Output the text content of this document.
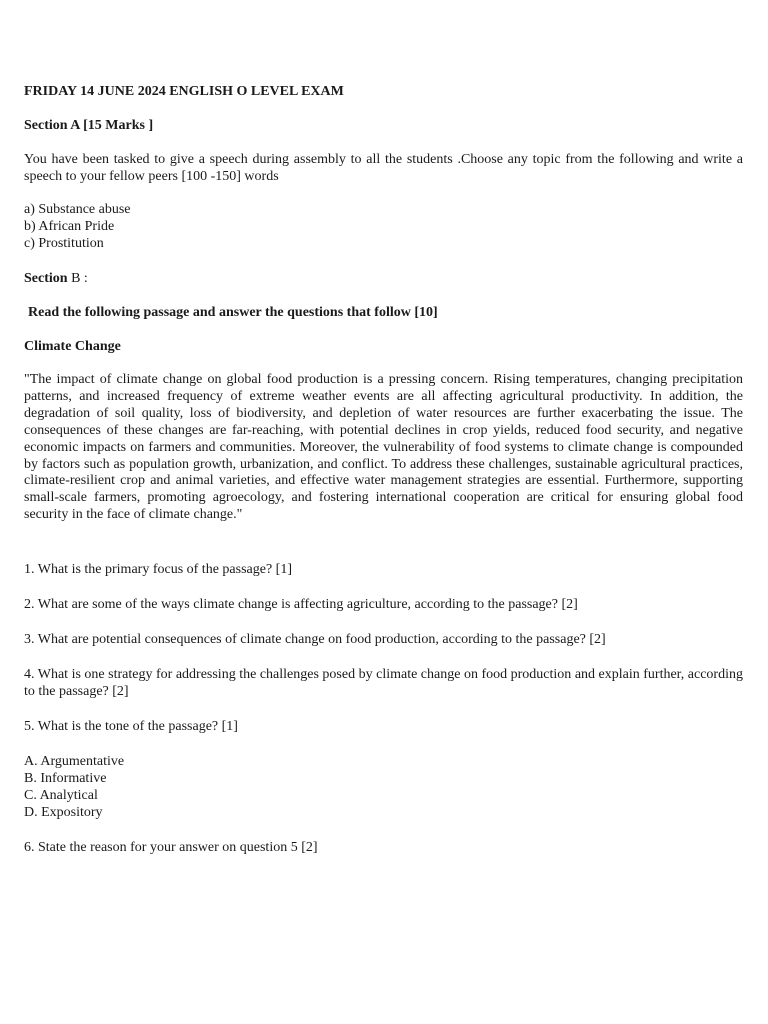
FRIDAY 14 JUNE 2024 ENGLISH O LEVEL EXAM
Section A [15 Marks ]
You have been tasked to give a speech during assembly to all the students .Choose any topic from the following and write a speech to your fellow peers [100 -150] words
a) Substance abuse
b) African Pride
c) Prostitution
Section B :
Read the following passage and answer the questions that follow [10]
Climate Change
"The impact of climate change on global food production is a pressing concern. Rising temperatures, changing precipitation patterns, and increased frequency of extreme weather events are all affecting agricultural productivity. In addition, the degradation of soil quality, loss of biodiversity, and depletion of water resources are further exacerbating the issue. The consequences of these changes are far-reaching, with potential declines in crop yields, reduced food security, and negative economic impacts on farmers and communities. Moreover, the vulnerability of food systems to climate change is compounded by factors such as population growth, urbanization, and conflict. To address these challenges, sustainable agricultural practices, climate-resilient crop and animal varieties, and effective water management strategies are essential. Furthermore, supporting small-scale farmers, promoting agroecology, and fostering international cooperation are critical for ensuring global food security in the face of climate change."
1. What is the primary focus of the passage? [1]
2. What are some of the ways climate change is affecting agriculture, according to the passage? [2]
3. What are potential consequences of climate change on food production, according to the passage? [2]
4. What is one strategy for addressing the challenges posed by climate change on food production and explain further, according to the passage? [2]
5. What is the tone of the passage? [1]
A. Argumentative
B. Informative
C. Analytical
D. Expository
6. State the reason for your answer on question 5 [2]
